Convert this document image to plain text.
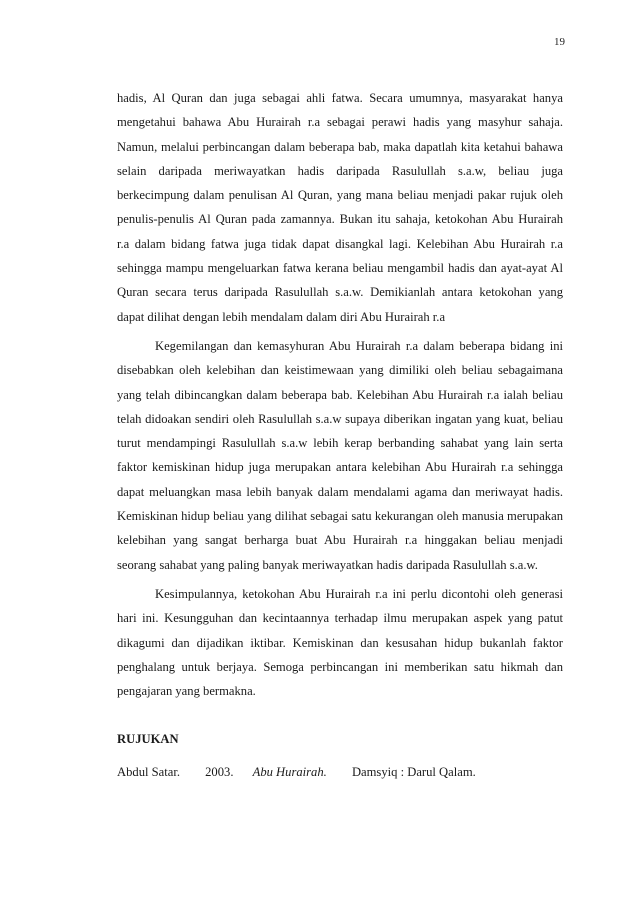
19
hadis, Al Quran dan juga sebagai ahli fatwa. Secara umumnya, masyarakat hanya
mengetahui bahawa Abu Hurairah r.a sebagai perawi hadis yang masyhur sahaja.
Namun, melalui perbincangan dalam beberapa bab, maka dapatlah kita ketahui bahawa
selain daripada meriwayatkan hadis daripada Rasulullah s.a.w, beliau juga
berkecimpung dalam penulisan Al Quran, yang mana beliau menjadi pakar rujuk oleh
penulis-penulis Al Quran pada zamannya. Bukan itu sahaja, ketokohan Abu Hurairah
r.a dalam bidang fatwa juga tidak dapat disangkal lagi. Kelebihan Abu Hurairah r.a
sehingga mampu mengeluarkan fatwa kerana beliau mengambil hadis dan ayat-ayat Al
Quran secara terus daripada Rasulullah s.a.w. Demikianlah antara ketokohan yang
dapat dilihat dengan lebih mendalam dalam diri Abu Hurairah r.a
Kegemilangan dan kemasyhuran Abu Hurairah r.a dalam beberapa bidang ini
disebabkan oleh kelebihan dan keistimewaan yang dimiliki oleh beliau sebagaimana
yang telah dibincangkan dalam beberapa bab. Kelebihan Abu Hurairah r.a ialah beliau
telah didoakan sendiri oleh Rasulullah s.a.w supaya diberikan ingatan yang kuat, beliau
turut mendampingi Rasulullah s.a.w lebih kerap berbanding sahabat yang lain serta
faktor kemiskinan hidup juga merupakan antara kelebihan Abu Hurairah r.a sehingga
dapat meluangkan masa lebih banyak dalam mendalami agama dan meriwayat hadis.
Kemiskinan hidup beliau yang dilihat sebagai satu kekurangan oleh manusia merupakan
kelebihan yang sangat berharga buat Abu Hurairah r.a hinggakan beliau menjadi
seorang sahabat yang paling banyak meriwayatkan hadis daripada Rasulullah s.a.w.
Kesimpulannya, ketokohan Abu Hurairah r.a ini perlu dicontohi oleh generasi
hari ini. Kesungguhan dan kecintaannya terhadap ilmu merupakan aspek yang patut
dikagumi dan dijadikan iktibar. Kemiskinan dan kesusahan hidup bukanlah faktor
penghalang untuk berjaya. Semoga perbincangan ini memberikan satu hikmah dan
pengajaran yang bermakna.
RUJUKAN
Abdul Satar. 2003. Abu Hurairah. Damsyiq : Darul Qalam.
